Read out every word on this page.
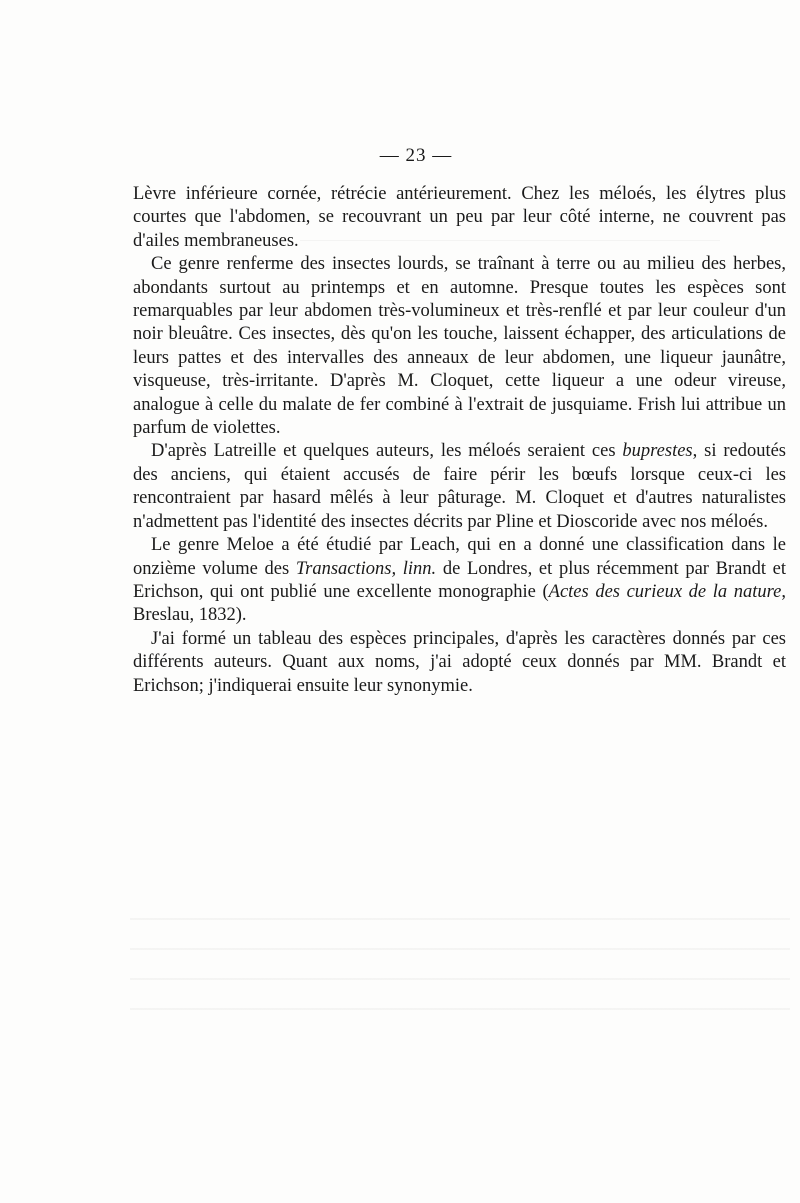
— 23 —

Lèvre inférieure cornée, rétrécie antérieurement. Chez les méloés, les élytres plus courtes que l'abdomen, se recouvrant un peu par leur côté interne, ne couvrent pas d'ailes membraneuses.

Ce genre renferme des insectes lourds, se traînant à terre ou au milieu des herbes, abondants surtout au printemps et en automne. Presque toutes les espèces sont remarquables par leur abdomen très-volumineux et très-renflé et par leur couleur d'un noir bleuâtre. Ces insectes, dès qu'on les touche, laissent échapper, des articulations de leurs pattes et des intervalles des anneaux de leur abdomen, une liqueur jaunâtre, visqueuse, très-irritante. D'après M. Cloquet, cette liqueur a une odeur vireuse, analogue à celle du malate de fer combiné à l'extrait de jusquiame. Frish lui attribue un parfum de violettes.

D'après Latreille et quelques auteurs, les méloés seraient ces buprestes, si redoutés des anciens, qui étaient accusés de faire périr les bœufs lorsque ceux-ci les rencontraient par hasard mêlés à leur pâturage. M. Cloquet et d'autres naturalistes n'admettent pas l'identité des insectes décrits par Pline et Dioscoride avec nos méloés.

Le genre Meloe a été étudié par Leach, qui en a donné une classification dans le onzième volume des Transactions, linn. de Londres, et plus récemment par Brandt et Erichson, qui ont publié une excellente monographie (Actes des curieux de la nature, Breslau, 1832).

J'ai formé un tableau des espèces principales, d'après les caractères donnés par ces différents auteurs. Quant aux noms, j'ai adopté ceux donnés par MM. Brandt et Erichson; j'indiquerai ensuite leur synonymie.
